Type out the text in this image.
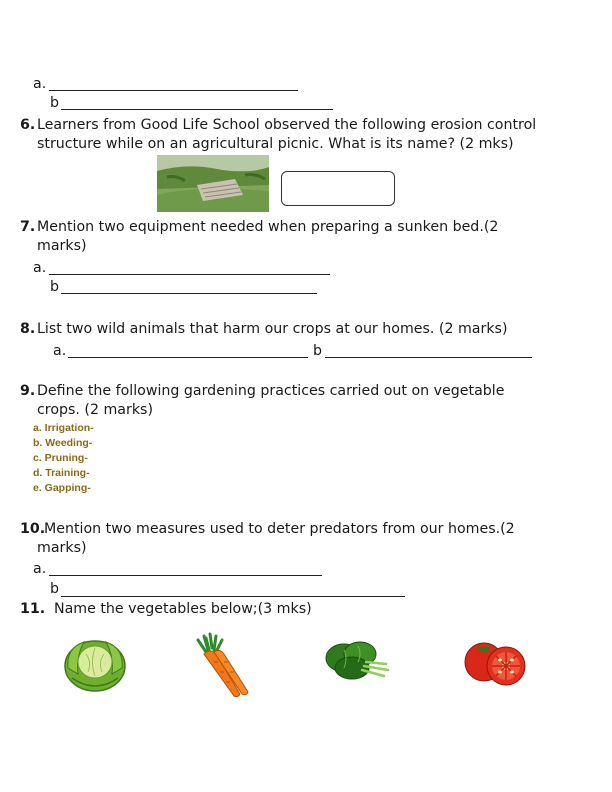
a.
b
6. Learners from Good Life School observed the following erosion control
structure while on an agricultural picnic. What is its name? (2 mks)
7. Mention two equipment needed when preparing a sunken bed.(2
marks)
a.
b
8. List two wild animals that harm our crops at our homes. (2 marks)
a.	b
9. Define the following gardening practices carried out on vegetable
crops. (2 marks)
a. Irrigation-
b. Weeding-
c. Pruning-
d. Training-
e. Gapping-
10.
Mention two measures used to deter predators from our homes.(2
marks)
a.
b
11. Name the vegetables below;(3 mks)
